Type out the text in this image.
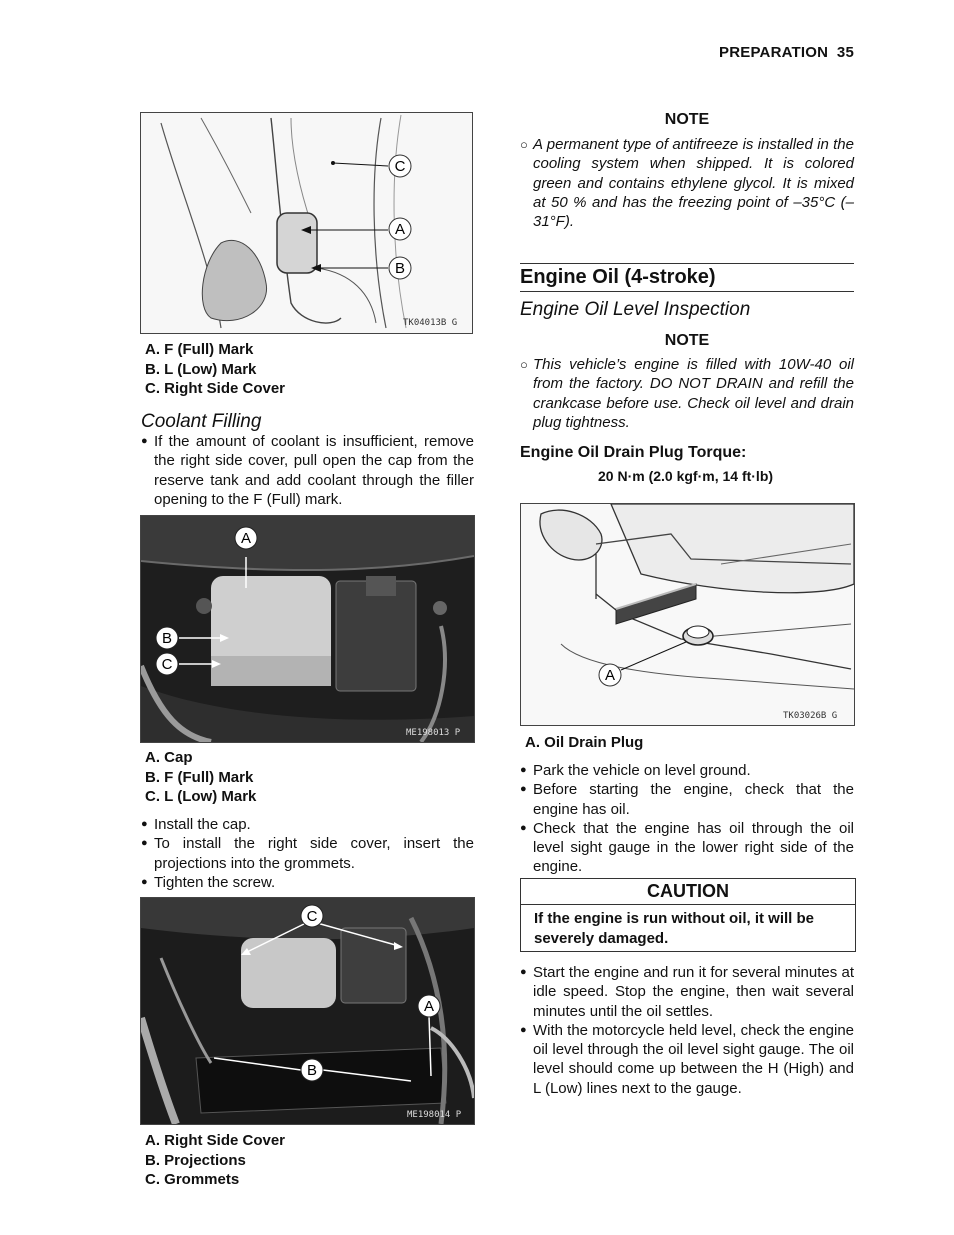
PREPARATION 35
C
A
B
TK04013B G
A. F (Full) Mark
B. L (Low) Mark
C. Right Side Cover
Coolant Filling
● If the amount of coolant is insufficient, remove the right side cover, pull open the cap from the reserve tank and add coolant through the filler opening to the F (Full) mark.
A
B
C
ME198013 P
A. Cap
B. F (Full) Mark
C. L (Low) Mark
● Install the cap.
● To install the right side cover, insert the projections into the grommets.
● Tighten the screw.
C
A
B
ME198014 P
A. Right Side Cover
B. Projections
C. Grommets
NOTE
○ A permanent type of antifreeze is installed in the cooling system when shipped. It is colored green and contains ethylene glycol. It is mixed at 50 % and has the freezing point of –35°C (– 31°F).
Engine Oil (4-stroke)
Engine Oil Level Inspection
NOTE
○ This vehicle’s engine is filled with 10W-40 oil from the factory. DO NOT DRAIN and refill the crankcase before use. Check oil level and drain plug tightness.
Engine Oil Drain Plug Torque:
20 N·m (2.0 kgf·m, 14 ft·lb)
A
TK03026B G
A. Oil Drain Plug
● Park the vehicle on level ground.
● Before starting the engine, check that the engine has oil.
● Check that the engine has oil through the oil level sight gauge in the lower right side of the engine.
CAUTION
If the engine is run without oil, it will be severely damaged.
● Start the engine and run it for several minutes at idle speed. Stop the engine, then wait several minutes until the oil settles.
● With the motorcycle held level, check the engine oil level through the oil level sight gauge. The oil level should come up between the H (High) and L (Low) lines next to the gauge.
